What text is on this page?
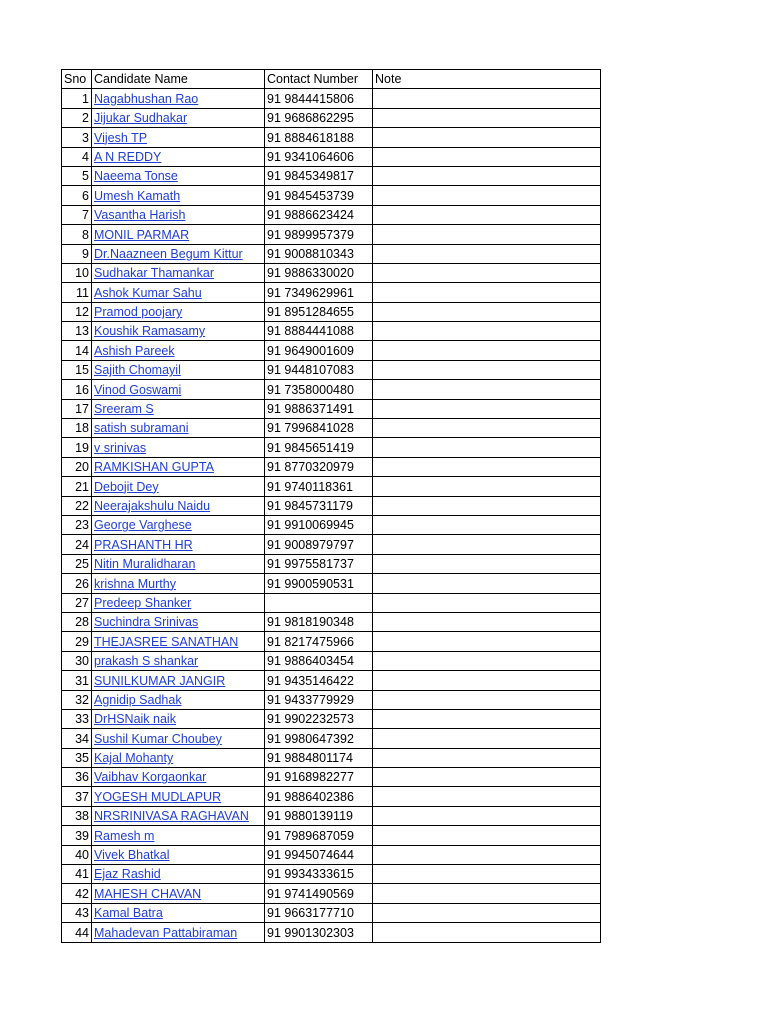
Sno	Candidate Name	Contact Number	Note
1	Nagabhushan Rao	91 9844415806	
2	Jijukar Sudhakar	91 9686862295	
3	Vijesh TP	91 8884618188	
4	A N REDDY	91 9341064606	
5	Naeema Tonse	91 9845349817	
6	Umesh Kamath	91 9845453739	
7	Vasantha Harish	91 9886623424	
8	MONIL PARMAR	91 9899957379	
9	Dr.Naazneen Begum Kittur	91 9008810343	
10	Sudhakar Thamankar	91 9886330020	
11	Ashok Kumar Sahu	91 7349629961	
12	Pramod poojary	91 8951284655	
13	Koushik Ramasamy	91 8884441088	
14	Ashish Pareek	91 9649001609	
15	Sajith Chomayil	91 9448107083	
16	Vinod Goswami	91 7358000480	
17	Sreeram S	91 9886371491	
18	satish subramani	91 7996841028	
19	v srinivas	91 9845651419	
20	RAMKISHAN GUPTA	91 8770320979	
21	Debojit Dey	91 9740118361	
22	Neerajakshulu Naidu	91 9845731179	
23	George Varghese	91 9910069945	
24	PRASHANTH HR	91 9008979797	
25	Nitin Muralidharan	91 9975581737	
26	krishna Murthy	91 9900590531	
27	Predeep Shanker		
28	Suchindra Srinivas	91 9818190348	
29	THEJASREE SANATHAN	91 8217475966	
30	prakash S shankar	91 9886403454	
31	SUNILKUMAR JANGIR	91 9435146422	
32	Agnidip Sadhak	91 9433779929	
33	DrHSNaik naik	91 9902232573	
34	Sushil Kumar Choubey	91 9980647392	
35	Kajal Mohanty	91 9884801174	
36	Vaibhav Korgaonkar	91 9168982277	
37	YOGESH MUDLAPUR	91 9886402386	
38	NRSRINIVASA RAGHAVAN	91 9880139119	
39	Ramesh m	91 7989687059	
40	Vivek Bhatkal	91 9945074644	
41	Ejaz Rashid	91 9934333615	
42	MAHESH CHAVAN	91 9741490569	
43	Kamal Batra	91 9663177710	
44	Mahadevan Pattabiraman	91 9901302303	
